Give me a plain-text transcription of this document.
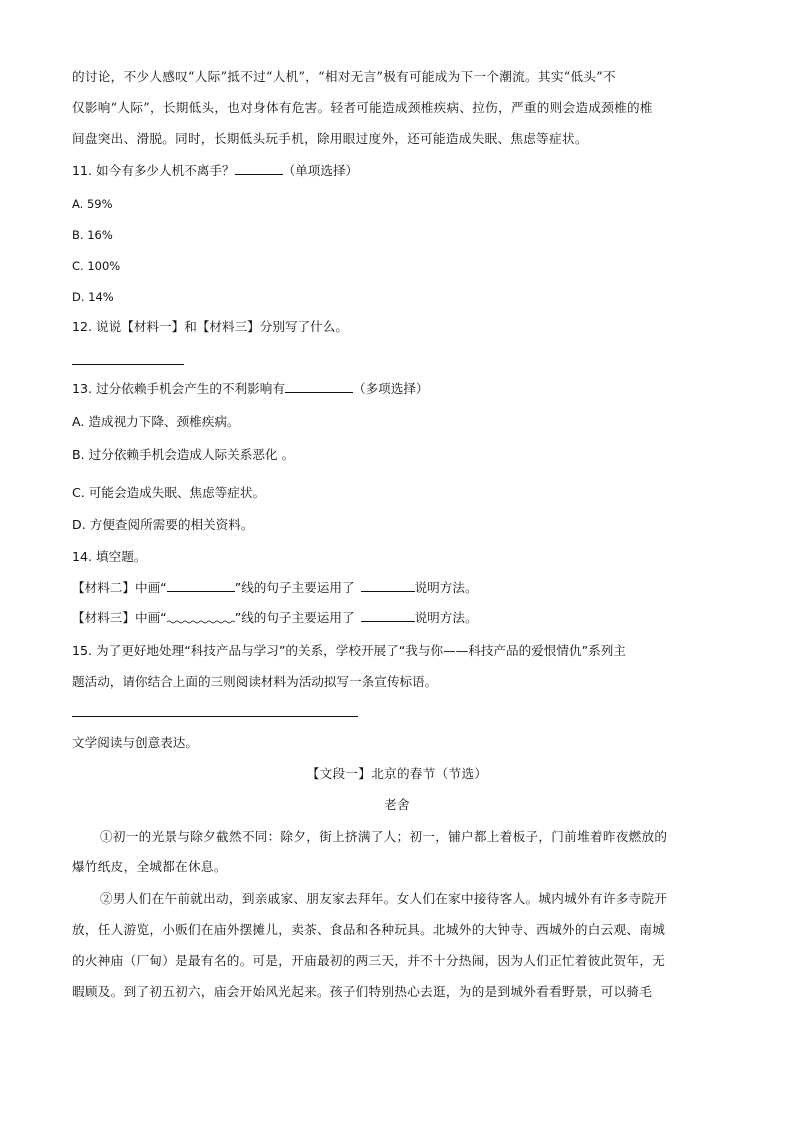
的讨论，不少人感叹“人际”抵不过“人机”，“相对无言”极有可能成为下一个潮流。其实“低头”不
仅影响“人际”，长期低头，也对身体有危害。轻者可能造成颈椎疾病、拉伤，严重的则会造成颈椎的椎
间盘突出、滑脱。同时，长期低头玩手机，除用眼过度外，还可能造成失眠、焦虑等症状。
11. 如今有多少人机不离手？	（单项选择）
A. 59%
B. 16%
C. 100%
D. 14%
12. 说说【材料一】和【材料三】分别写了什么。
13. 过分依赖手机会产生的不利影响有	（多项选择）
A. 造成视力下降、颈椎疾病。
B. 过分依赖手机会造成人际关系恶化 。
C. 可能会造成失眠、焦虑等症状。
D. 方便查阅所需要的相关资料。
14. 填空题。
【材料二】中画“	”线的句子主要运用了	说明方法。
【材料三】中画“	”线的句子主要运用了	说明方法。
15. 为了更好地处理“科技产品与学习”的关系，学校开展了“我与你——科技产品的爱恨情仇”系列主
题活动，请你结合上面的三则阅读材料为活动拟写一条宣传标语。
文学阅读与创意表达。
【文段一】北京的春节（节选）
老舍
①初一的光景与除夕截然不同：除夕，街上挤满了人；初一，铺户都上着板子，门前堆着昨夜燃放的
爆竹纸皮，全城都在休息。
②男人们在午前就出动，到亲戚家、朋友家去拜年。女人们在家中接待客人。城内城外有许多寺院开
放，任人游览，小贩们在庙外摆摊儿，卖茶、食品和各种玩具。北城外的大钟寺、西城外的白云观、南城
的火神庙（厂甸）是最有名的。可是，开庙最初的两三天，并不十分热闹，因为人们正忙着彼此贺年，无
暇顾及。到了初五初六，庙会开始风光起来。孩子们特别热心去逛，为的是到城外看看野景，可以骑毛
